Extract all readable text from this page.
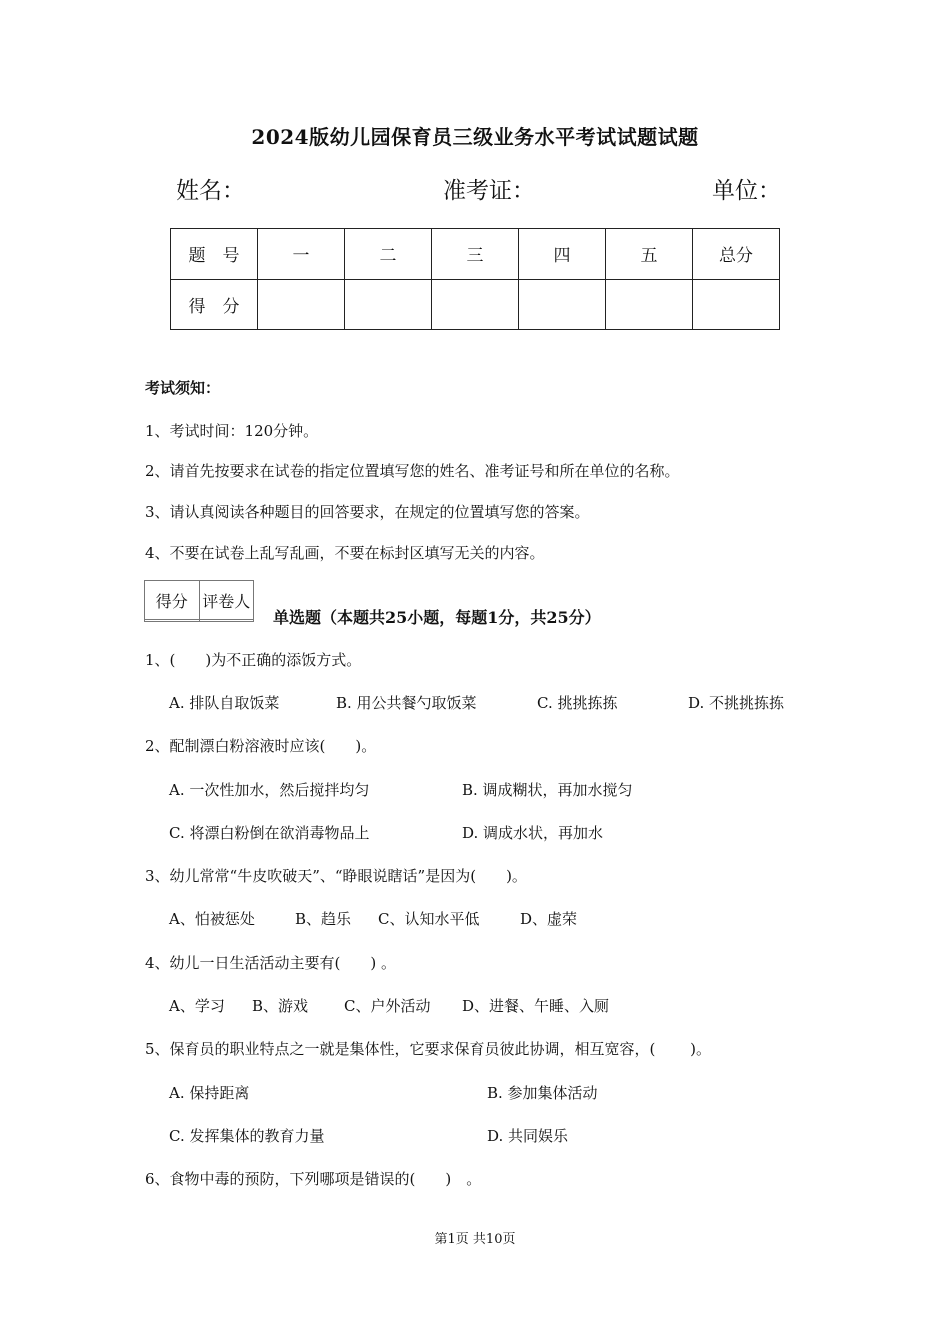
2024版幼儿园保育员三级业务水平考试试题试题
姓名：	准考证：	单位：
题　号	一	二	三	四	五	总分
得　分						
考试须知：
1、考试时间：120分钟。
2、请首先按要求在试卷的指定位置填写您的姓名、准考证号和所在单位的名称。
3、请认真阅读各种题目的回答要求，在规定的位置填写您的答案。
4、不要在试卷上乱写乱画，不要在标封区填写无关的内容。
得分	评卷人

单选题（本题共25小题，每题1分，共25分）
1、(　　)为不正确的添饭方式。
A. 排队自取饭菜	B. 用公共餐勺取饭菜	C. 挑挑拣拣	D. 不挑挑拣拣
2、配制漂白粉溶液时应该(　　)。
A. 一次性加水，然后搅拌均匀	B. 调成糊状，再加水搅匀
C. 将漂白粉倒在欲消毒物品上	D. 调成水状，再加水
3、幼儿常常“牛皮吹破天”、“睁眼说瞎话”是因为(　　)。
A、怕被惩处	B、趋乐 C、认知水平低	D、虚荣
4、幼儿一日生活活动主要有(　　) 。
A、学习 B、游戏 C、户外活动 D、进餐、午睡、入厕
5、保育员的职业特点之一就是集体性，它要求保育员彼此协调，相互宽容，(　　 )。
A. 保持距离	B. 参加集体活动
C. 发挥集体的教育力量	D. 共同娱乐
6、食物中毒的预防，下列哪项是错误的(　　)　。
第1页 共10页
